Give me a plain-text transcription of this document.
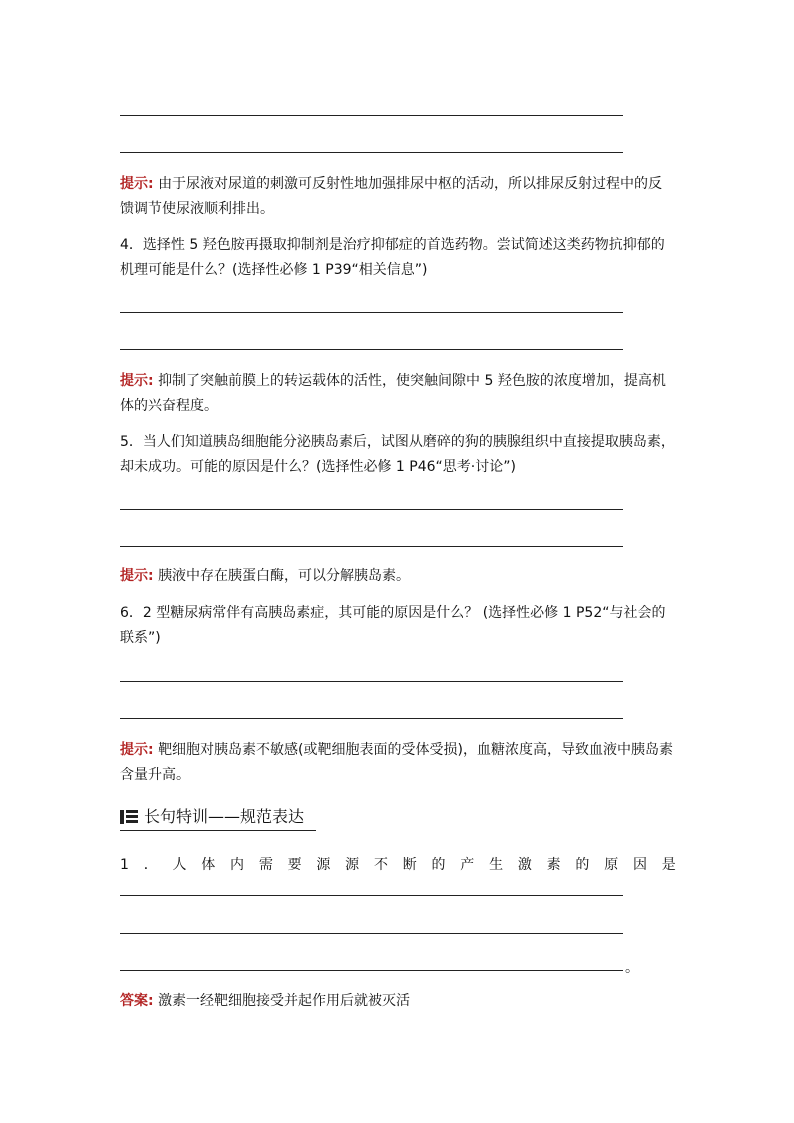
提示: 由于尿液对尿道的刺激可反射性地加强排尿中枢的活动，所以排尿反射过程中的反馈调节使尿液顺利排出。
4．选择性 5 羟色胺再摄取抑制剂是治疗抑郁症的首选药物。尝试简述这类药物抗抑郁的机理可能是什么？(选择性必修 1 P39“相关信息”)
提示: 抑制了突触前膜上的转运载体的活性，使突触间隙中 5 羟色胺的浓度增加，提高机体的兴奋程度。
5．当人们知道胰岛细胞能分泌胰岛素后，试图从磨碎的狗的胰腺组织中直接提取胰岛素，却未成功。可能的原因是什么？(选择性必修 1 P46“思考·讨论”)
提示: 胰液中存在胰蛋白酶，可以分解胰岛素。
6．2 型糖尿病常伴有高胰岛素症，其可能的原因是什么？ (选择性必修 1 P52“与社会的联系”)
提示: 靶细胞对胰岛素不敏感(或靶细胞表面的受体受损)，血糖浓度高，导致血液中胰岛素含量升高。
长句特训——规范表达
1 ． 人 体 内 需 要 源 源 不 断 的 产 生 激 素 的 原 因 是
。
答案: 激素一经靶细胞接受并起作用后就被灭活
